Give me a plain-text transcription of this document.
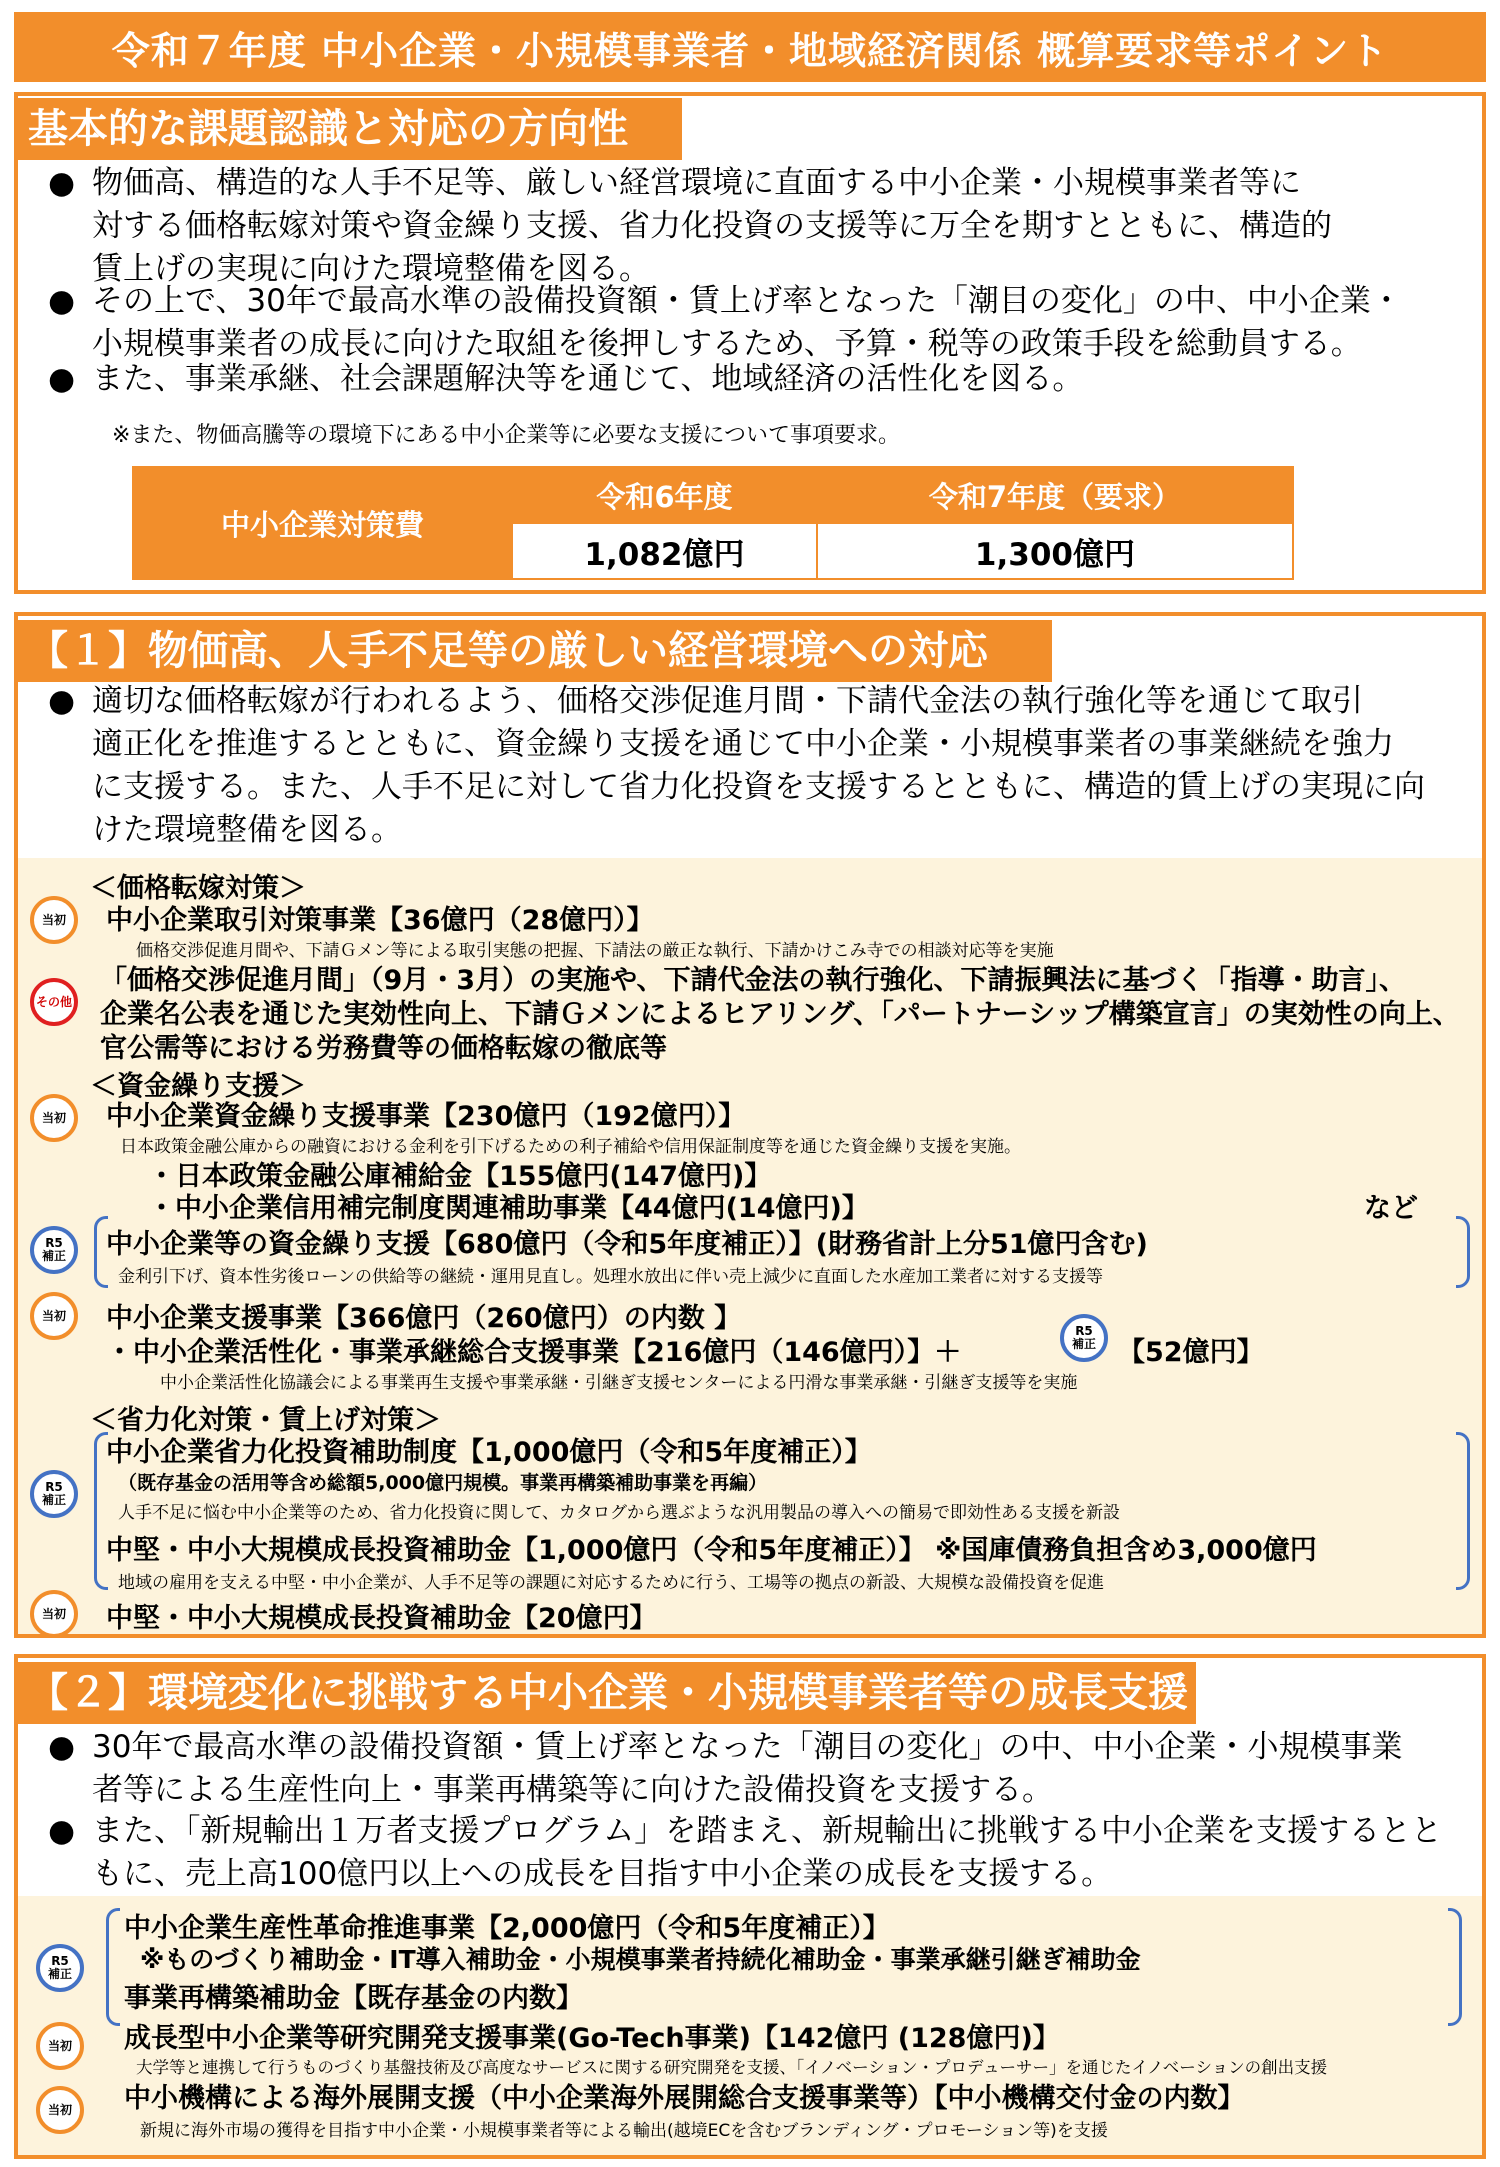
令和７年度 中小企業・小規模事業者・地域経済関係 概算要求等ポイント
基本的な課題認識と対応の方向性
● 物価高、構造的な人手不足等、厳しい経営環境に直面する中小企業・小規模事業者等に
対する価格転嫁対策や資金繰り支援、省力化投資の支援等に万全を期すとともに、構造的
賃上げの実現に向けた環境整備を図る。
● その上で、30年で最高水準の設備投資額・賃上げ率となった「潮目の変化」の中、中小企業・
小規模事業者の成長に向けた取組を後押しするため、予算・税等の政策手段を総動員する。
● また、事業承継、社会課題解決等を通じて、地域経済の活性化を図る。
※また、物価高騰等の環境下にある中小企業等に必要な支援について事項要求。
中小企業対策費	令和6年度	令和7年度（要求）
	1,082億円	1,300億円
【１】物価高、人手不足等の厳しい経営環境への対応
● 適切な価格転嫁が行われるよう、価格交渉促進月間・下請代金法の執行強化等を通じて取引
適正化を推進するとともに、資金繰り支援を通じて中小企業・小規模事業者の事業継続を強力
に支援する。また、人手不足に対して省力化投資を支援するとともに、構造的賃上げの実現に向
けた環境整備を図る。
＜価格転嫁対策＞
当初 中小企業取引対策事業【36億円（28億円）】
価格交渉促進月間や、下請Ｇメン等による取引実態の把握、下請法の厳正な執行、下請かけこみ寺での相談対応等を実施
その他
「価格交渉促進月間」（9月・3月）の実施や、下請代金法の執行強化、下請振興法に基づく「指導・助言」、
企業名公表を通じた実効性向上、下請Ｇメンによるヒアリング、「パートナーシップ構築宣言」の実効性の向上、
官公需等における労務費等の価格転嫁の徹底等
＜資金繰り支援＞
当初 中小企業資金繰り支援事業【230億円（192億円）】
日本政策金融公庫からの融資における金利を引下げるための利子補給や信用保証制度等を通じた資金繰り支援を実施。
・日本政策金融公庫補給金【155億円(147億円)】
・中小企業信用補完制度関連補助事業【44億円(14億円)】	など
R5
補正 中小企業等の資金繰り支援【680億円（令和5年度補正）】(財務省計上分51億円含む)
金利引下げ、資本性劣後ローンの供給等の継続・運用見直し。処理水放出に伴い売上減少に直面した水産加工業者に対する支援等
当初 中小企業支援事業【366億円（260億円）の内数 】
・中小企業活性化・事業承継総合支援事業【216億円（146億円）】＋
R5
補正 【52億円】
中小企業活性化協議会による事業再生支援や事業承継・引継ぎ支援センターによる円滑な事業承継・引継ぎ支援等を実施
＜省力化対策・賃上げ対策＞
R5
補正
中小企業省力化投資補助制度【1,000億円（令和5年度補正）】
（既存基金の活用等含め総額5,000億円規模。事業再構築補助事業を再編）
人手不足に悩む中小企業等のため、省力化投資に関して、カタログから選ぶような汎用製品の導入への簡易で即効性ある支援を新設
中堅・中小大規模成長投資補助金【1,000億円（令和5年度補正）】 ※国庫債務負担含め3,000億円
地域の雇用を支える中堅・中小企業が、人手不足等の課題に対応するために行う、工場等の拠点の新設、大規模な設備投資を促進
当初 中堅・中小大規模成長投資補助金【20億円】
【２】環境変化に挑戦する中小企業・小規模事業者等の成長支援
● 30年で最高水準の設備投資額・賃上げ率となった「潮目の変化」の中、中小企業・小規模事業
者等による生産性向上・事業再構築等に向けた設備投資を支援する。
● また、「新規輸出１万者支援プログラム」を踏まえ、新規輸出に挑戦する中小企業を支援するとと
もに、売上高100億円以上への成長を目指す中小企業の成長を支援する。
R5
補正
中小企業生産性革命推進事業【2,000億円（令和5年度補正）】
※ものづくり補助金・IT導入補助金・小規模事業者持続化補助金・事業承継引継ぎ補助金
事業再構築補助金【既存基金の内数】
当初 成長型中小企業等研究開発支援事業(Go-Tech事業)【142億円 (128億円)】
大学等と連携して行うものづくり基盤技術及び高度なサービスに関する研究開発を支援、「イノベーション・プロデューサー」を通じたイノベーションの創出支援
当初 中小機構による海外展開支援（中小企業海外展開総合支援事業等）【中小機構交付金の内数】
新規に海外市場の獲得を目指す中小企業・小規模事業者等による輸出(越境ECを含むブランディング・プロモーション等)を支援
